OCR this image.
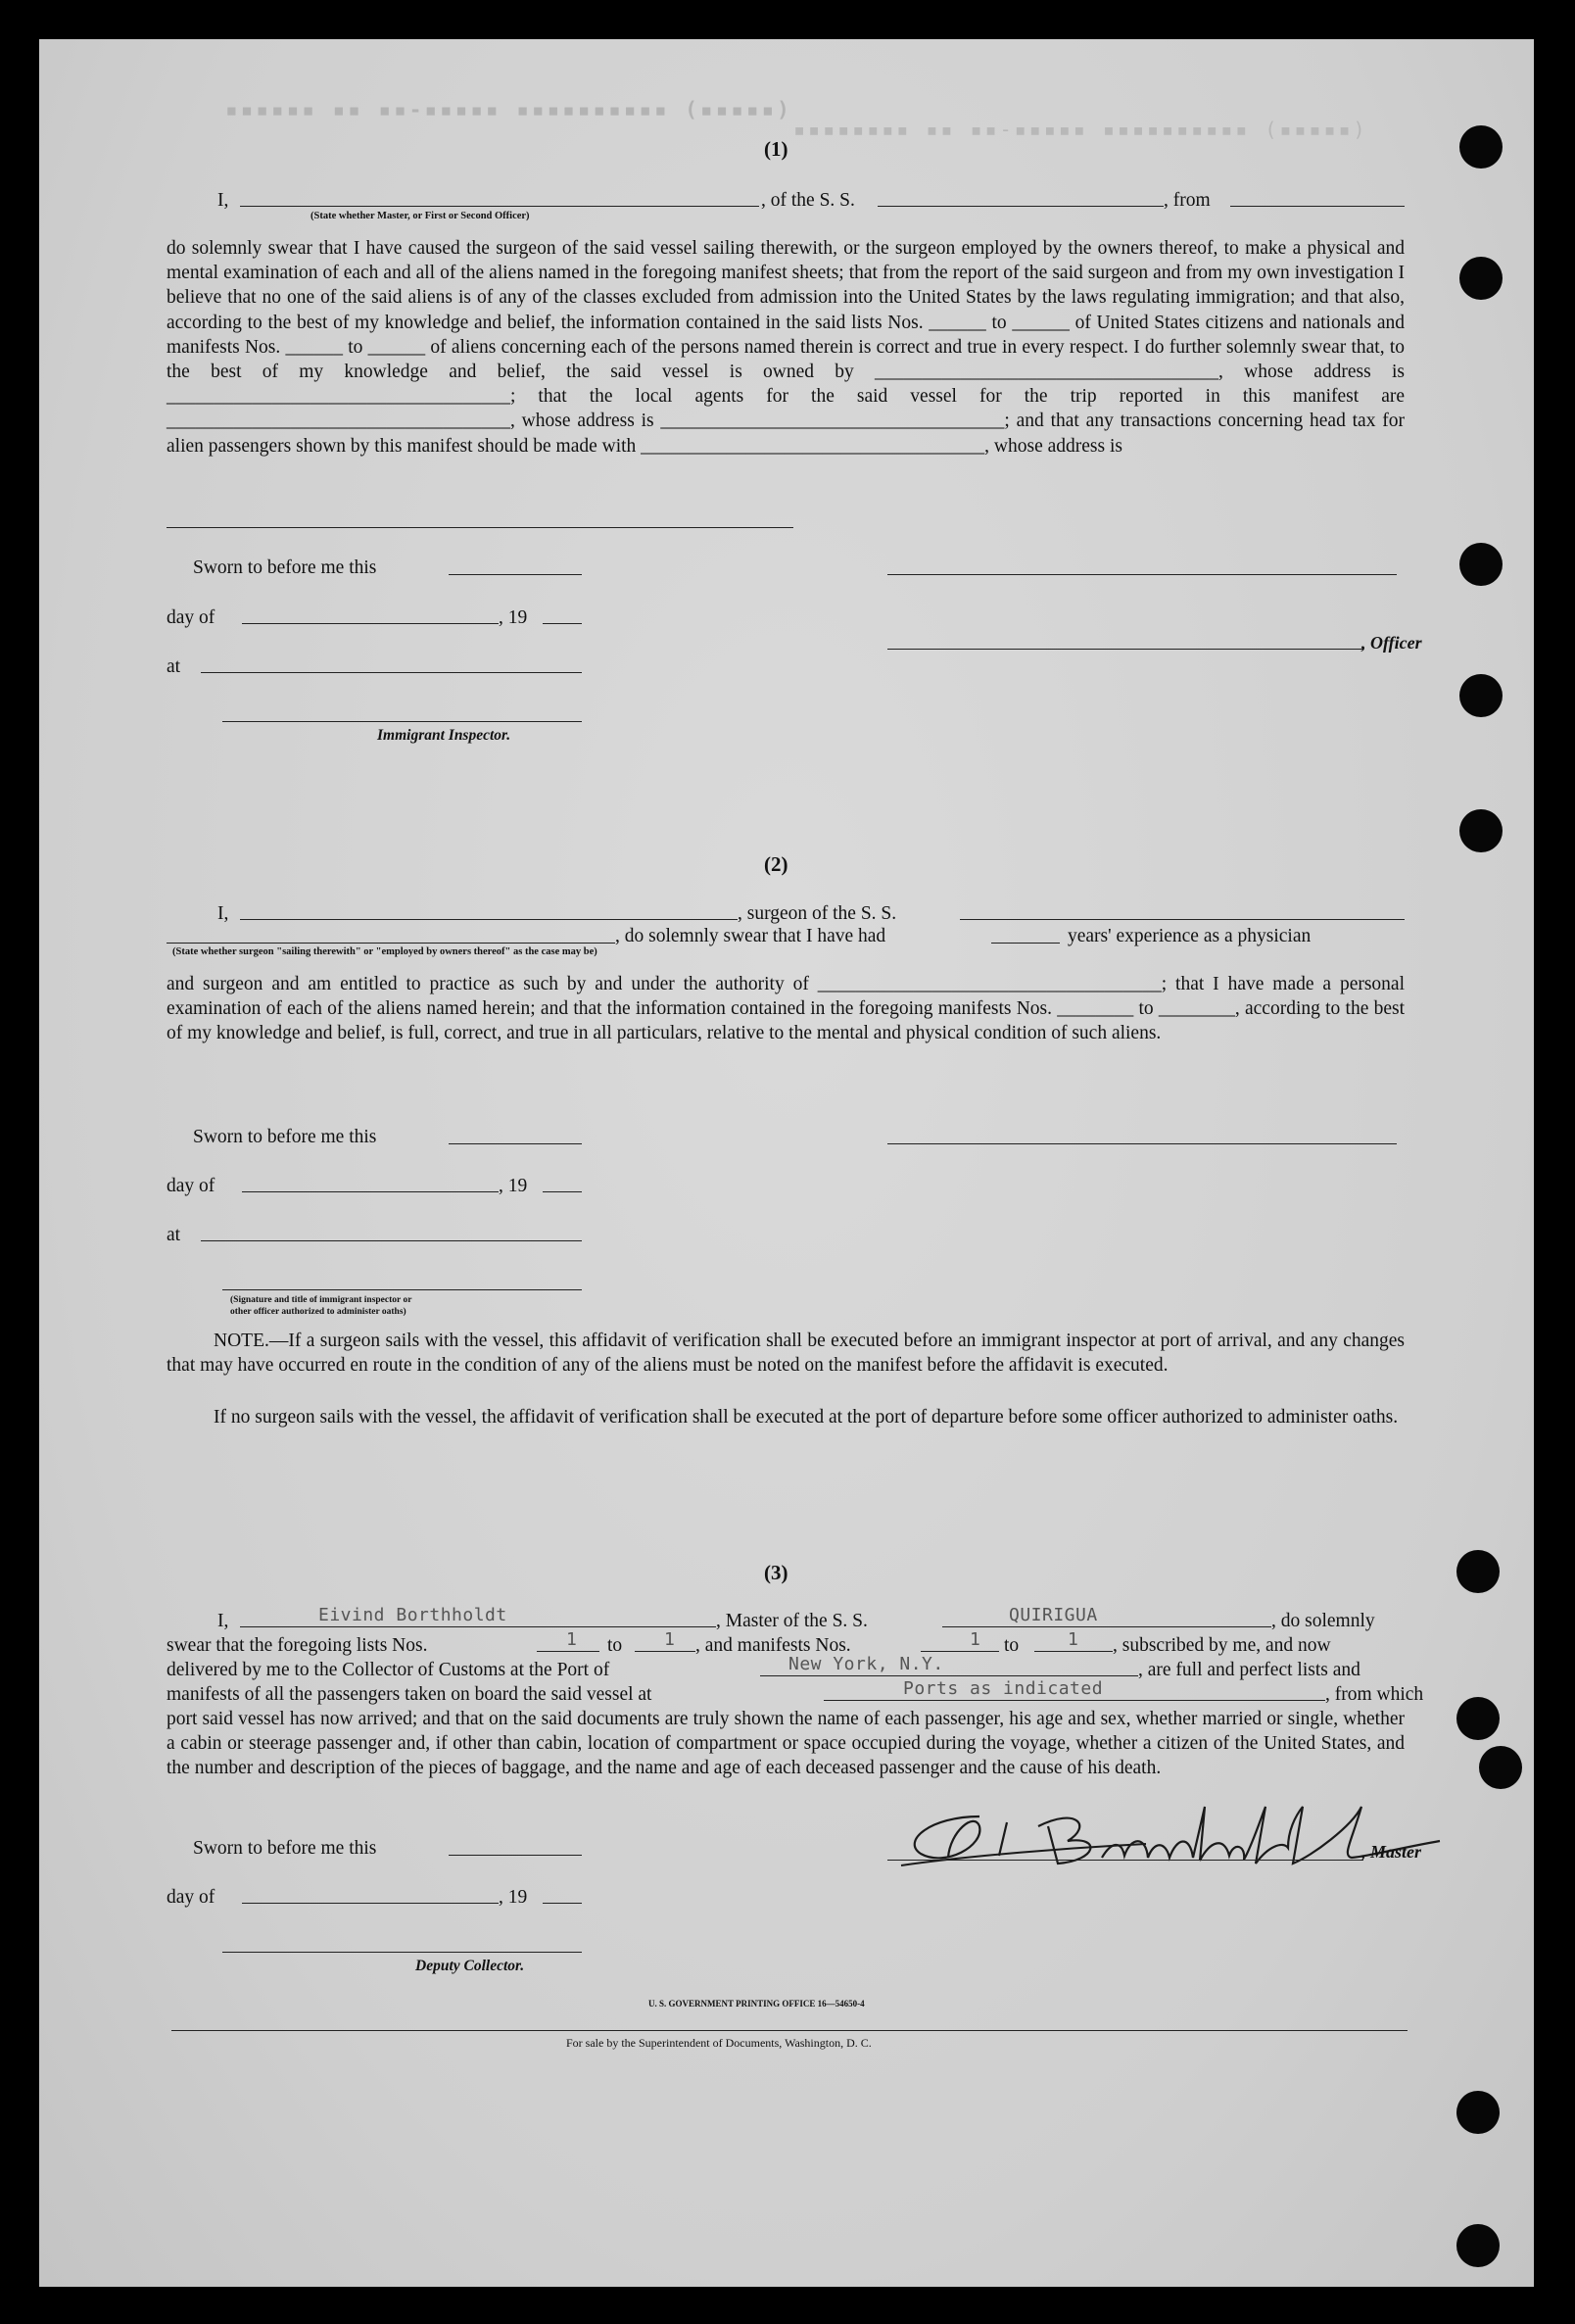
▪▪▪▪▪▪ ▪▪ ▪▪-▪▪▪▪▪ ▪▪▪▪▪▪▪▪▪▪ (▪▪▪▪▪)
▪▪▪▪▪▪▪▪ ▪▪ ▪▪-▪▪▪▪▪ ▪▪▪▪▪▪▪▪▪▪ (▪▪▪▪▪)
(1)
I,
(State whether Master, or First or Second Officer)
, of the S. S.	, from

do solemnly swear that I have caused the surgeon of the said vessel sailing therewith, or the surgeon employed by the owners thereof, to make a physical and mental examination of each and all of the aliens named in the foregoing manifest sheets; that from the report of the said surgeon and from my own investigation I believe that no one of the said aliens is of any of the classes excluded from admission into the United States by the laws regulating immigration; and that also, according to the best of my knowledge and belief, the information contained in the said lists Nos. ______ to ______ of United States citizens and nationals and manifests Nos. ______ to ______ of aliens concerning each of the persons named therein is correct and true in every respect. I do further solemnly swear that, to the best of my knowledge and belief, the said vessel is owned by ____________________________________, whose address is ____________________________________; that the local agents for the said vessel for the trip reported in this manifest are ____________________________________, whose address is ____________________________________; and that any transactions concerning head tax for alien passengers shown by this manifest should be made with ____________________________________, whose address is

Sworn to before me this
day of	, 19
, Officer
at
Immigrant Inspector.
(2)
I,	, surgeon of the S. S.
, do solemnly swear that I have had	years' experience as a physician
(State whether surgeon "sailing therewith" or "employed by owners thereof" as the case may be)

and surgeon and am entitled to practice as such by and under the authority of ____________________________________; that I have made a personal examination of each of the aliens named herein; and that the information contained in the foregoing manifests Nos. ________ to ________, according to the best of my knowledge and belief, is full, correct, and true in all particulars, relative to the mental and physical condition of such aliens.

Sworn to before me this
day of	, 19
at
(Signature and title of immigrant inspector or
other officer authorized to administer oaths)

NOTE.—If a surgeon sails with the vessel, this affidavit of verification shall be executed before an immigrant inspector at port of arrival, and any changes that may have occurred en route in the condition of any of the aliens must be noted on the manifest before the affidavit is executed.

If no surgeon sails with the vessel, the affidavit of verification shall be executed at the port of departure before some officer authorized to administer oaths.

(3)
I,	Eivind Borthholdt	, Master of the S. S.	QUIRIGUA	, do solemnly
swear that the foregoing lists Nos.	1 to 1 , and manifests Nos.	1 to	1 , subscribed by me, and now
delivered by me to the Collector of Customs at the Port of	New York, N.Y.	, are full and perfect lists and
manifests of all the passengers taken on board the said vessel at	Ports as indicated	, from which

port said vessel has now arrived; and that on the said documents are truly shown the name of each passenger, his age and sex, whether married or single, whether a cabin or steerage passenger and, if other than cabin, location of compartment or space occupied during the voyage, whether a citizen of the United States, and the number and description of the pieces of baggage, and the name and age of each deceased passenger and the cause of his death.

Sworn to before me this	, Master
day of	, 19
Deputy Collector.
U. S. GOVERNMENT PRINTING OFFICE 16—54650-4
For sale by the Superintendent of Documents, Washington, D. C.
